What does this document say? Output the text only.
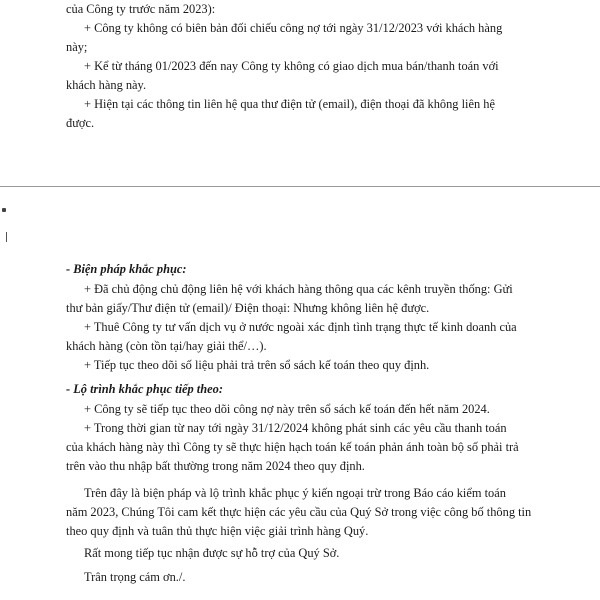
của Công ty trước năm 2023):
+ Công ty không có biên bản đối chiếu công nợ tới ngày 31/12/2023 với khách hàng
này;
+ Kể từ tháng 01/2023 đến nay Công ty không có giao dịch mua bán/thanh toán với
khách hàng này.
+ Hiện tại các thông tin liên hệ qua thư điện tử (email), điện thoại đã không liên hệ
được.
- Biện pháp khắc phục:
+ Đã chủ động chủ động liên hệ với khách hàng thông qua các kênh truyền thống: Gửi
thư bản giấy/Thư điện tử (email)/ Điện thoại: Nhưng không liên hệ được.
+ Thuê Công ty tư vấn dịch vụ ở nước ngoài xác định tình trạng thực tế kinh doanh của
khách hàng (còn tồn tại/hay giải thể/…).
+ Tiếp tục theo dõi số liệu phải trả trên sổ sách kế toán theo quy định.
- Lộ trình khắc phục tiếp theo:
+ Công ty sẽ tiếp tục theo dõi công nợ này trên sổ sách kế toán đến hết năm 2024.
+ Trong thời gian từ nay tới ngày 31/12/2024 không phát sinh các yêu cầu thanh toán
của khách hàng này thì Công ty sẽ thực hiện hạch toán kế toán phản ánh toàn bộ số phải trả
trên vào thu nhập bất thường trong năm 2024 theo quy định.
Trên đây là biện pháp và lộ trình khắc phục ý kiến ngoại trừ trong Báo cáo kiểm toán
năm 2023, Chúng Tôi cam kết thực hiện các yêu cầu của Quý Sở trong việc công bố thông tin
theo quy định và tuân thủ thực hiện việc giải trình hàng Quý.
Rất mong tiếp tục nhận được sự hỗ trợ của Quý Sở.
Trân trọng cám ơn./.
